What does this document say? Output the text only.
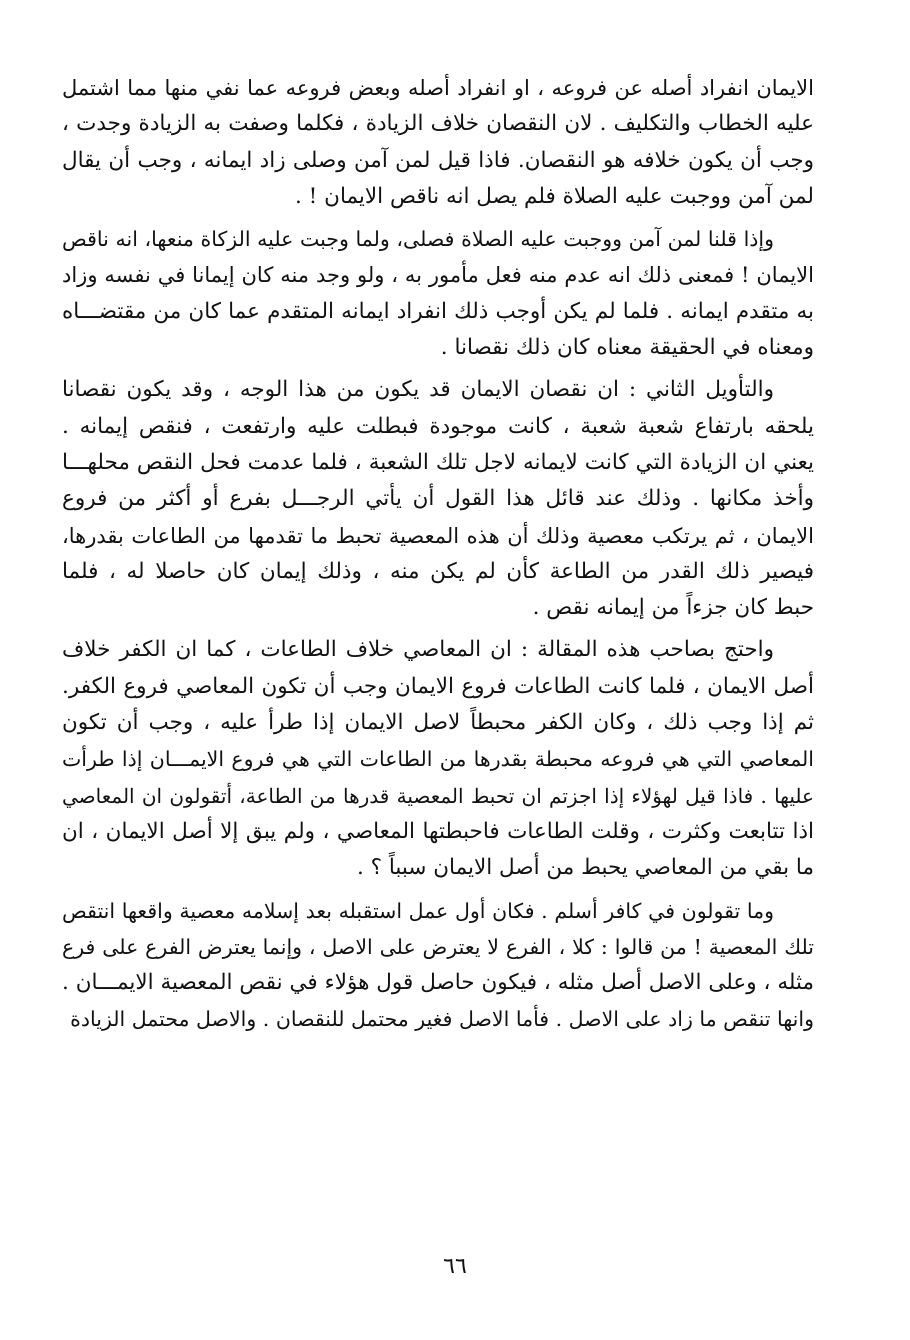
الايمان انفراد أصله عن فروعه ، او انفراد أصله وبعض فروعه عما نفي منها مما اشتمل
عليه الخطاب والتكليف . لان النقصان خلاف الزيادة ، فكلما وصفت به الزيادة وجدت ،
وجب أن يكون خلافه هو النقصان. فاذا قيل لمن آمن وصلى زاد ايمانه ، وجب أن يقال
لمن آمن ووجبت عليه الصلاة فلم يصل انه ناقص الايمان ! .
وإذا قلنا لمن آمن ووجبت عليه الصلاة فصلى، ولما وجبت عليه الزكاة منعها، انه ناقص
الايمان ! فمعنى ذلك انه عدم منه فعل مأمور به ، ولو وجد منه كان إيمانا في نفسه وزاد
به متقدم ايمانه . فلما لم يكن أوجب ذلك انفراد ايمانه المتقدم عما كان من مقتضـــاه
ومعناه في الحقيقة معناه كان ذلك نقصانا .
والتأويل الثاني : ان نقصان الايمان قد يكون من هذا الوجه ، وقد يكون نقصانا
يلحقه بارتفاع شعبة شعبة ، كانت موجودة فبطلت عليه وارتفعت ، فنقص إيمانه .
يعني ان الزيادة التي كانت لايمانه لاجل تلك الشعبة ، فلما عدمت فحل النقص محلهـــا
وأخذ مكانها . وذلك عند قائل هذا القول أن يأتي الرجـــل بفرع أو أكثر من فروع
الايمان ، ثم يرتكب معصية وذلك أن هذه المعصية تحبط ما تقدمها من الطاعات بقدرها،
فيصير ذلك القدر من الطاعة كأن لم يكن منه ، وذلك إيمان كان حاصلا له ، فلما
حبط كان جزءاً من إيمانه نقص .
واحتج بصاحب هذه المقالة : ان المعاصي خلاف الطاعات ، كما ان الكفر خلاف
أصل الايمان ، فلما كانت الطاعات فروع الايمان وجب أن تكون المعاصي فروع الكفر.
ثم إذا وجب ذلك ، وكان الكفر محبطاً لاصل الايمان إذا طرأ عليه ، وجب أن تكون
المعاصي التي هي فروعه محبطة بقدرها من الطاعات التي هي فروع الايمـــان إذا طرأت
عليها . فاذا قيل لهؤلاء إذا اجزتم ان تحبط المعصية قدرها من الطاعة، أتقولون ان المعاصي
اذا تتابعت وكثرت ، وقلت الطاعات فاحبطتها المعاصي ، ولم يبق إلا أصل الايمان ، ان
ما بقي من المعاصي يحبط من أصل الايمان سبباً ؟ .
وما تقولون في كافر أسلم . فكان أول عمل استقبله بعد إسلامه معصية واقعها انتقص
تلك المعصية ! من قالوا : كلا ، الفرع لا يعترض على الاصل ، وإنما يعترض الفرع على فرع
مثله ، وعلى الاصل أصل مثله ، فيكون حاصل قول هؤلاء في نقص المعصية الايمـــان .
وانها تنقص ما زاد على الاصل . فأما الاصل فغير محتمل للنقصان . والاصل محتمل الزيادة
٦٦
